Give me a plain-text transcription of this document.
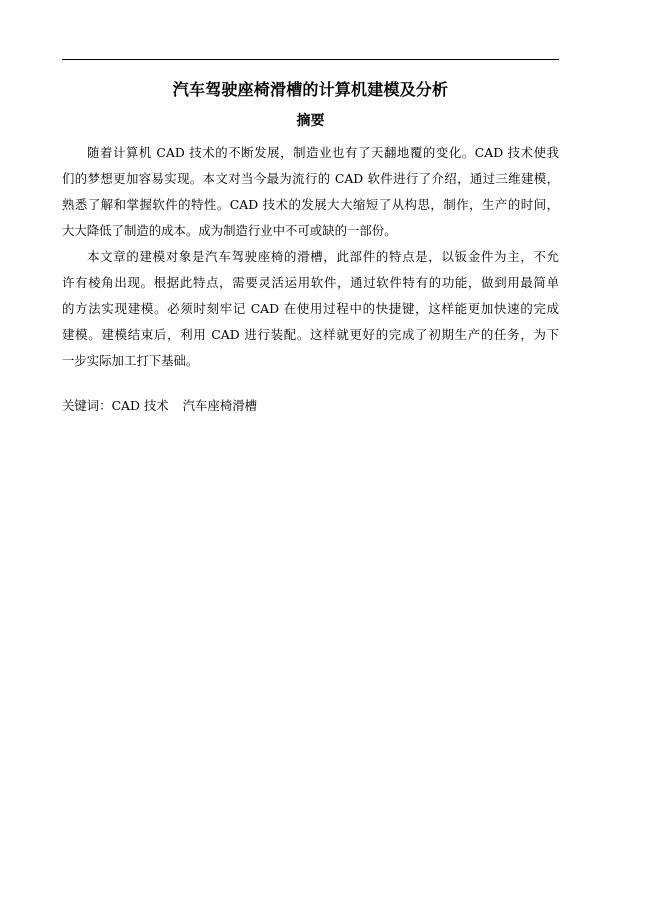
汽车驾驶座椅滑槽的计算机建模及分析
摘要

随着计算机 CAD 技术的不断发展，制造业也有了天翻地覆的变化。CAD 技术使我
们的梦想更加容易实现。本文对当今最为流行的 CAD 软件进行了介绍，通过三维建模，
熟悉了解和掌握软件的特性。CAD 技术的发展大大缩短了从构思，制作，生产的时间，
大大降低了制造的成本。成为制造行业中不可或缺的一部份。

本文章的建模对象是汽车驾驶座椅的滑槽，此部件的特点是，以钣金件为主，不允
许有棱角出现。根据此特点，需要灵活运用软件，通过软件特有的功能，做到用最简单
的方法实现建模。必须时刻牢记 CAD 在使用过程中的快捷键，这样能更加快速的完成
建模。建模结束后，利用 CAD 进行装配。这样就更好的完成了初期生产的任务，为下
一步实际加工打下基础。

关键词：CAD 技术 汽车座椅滑槽
